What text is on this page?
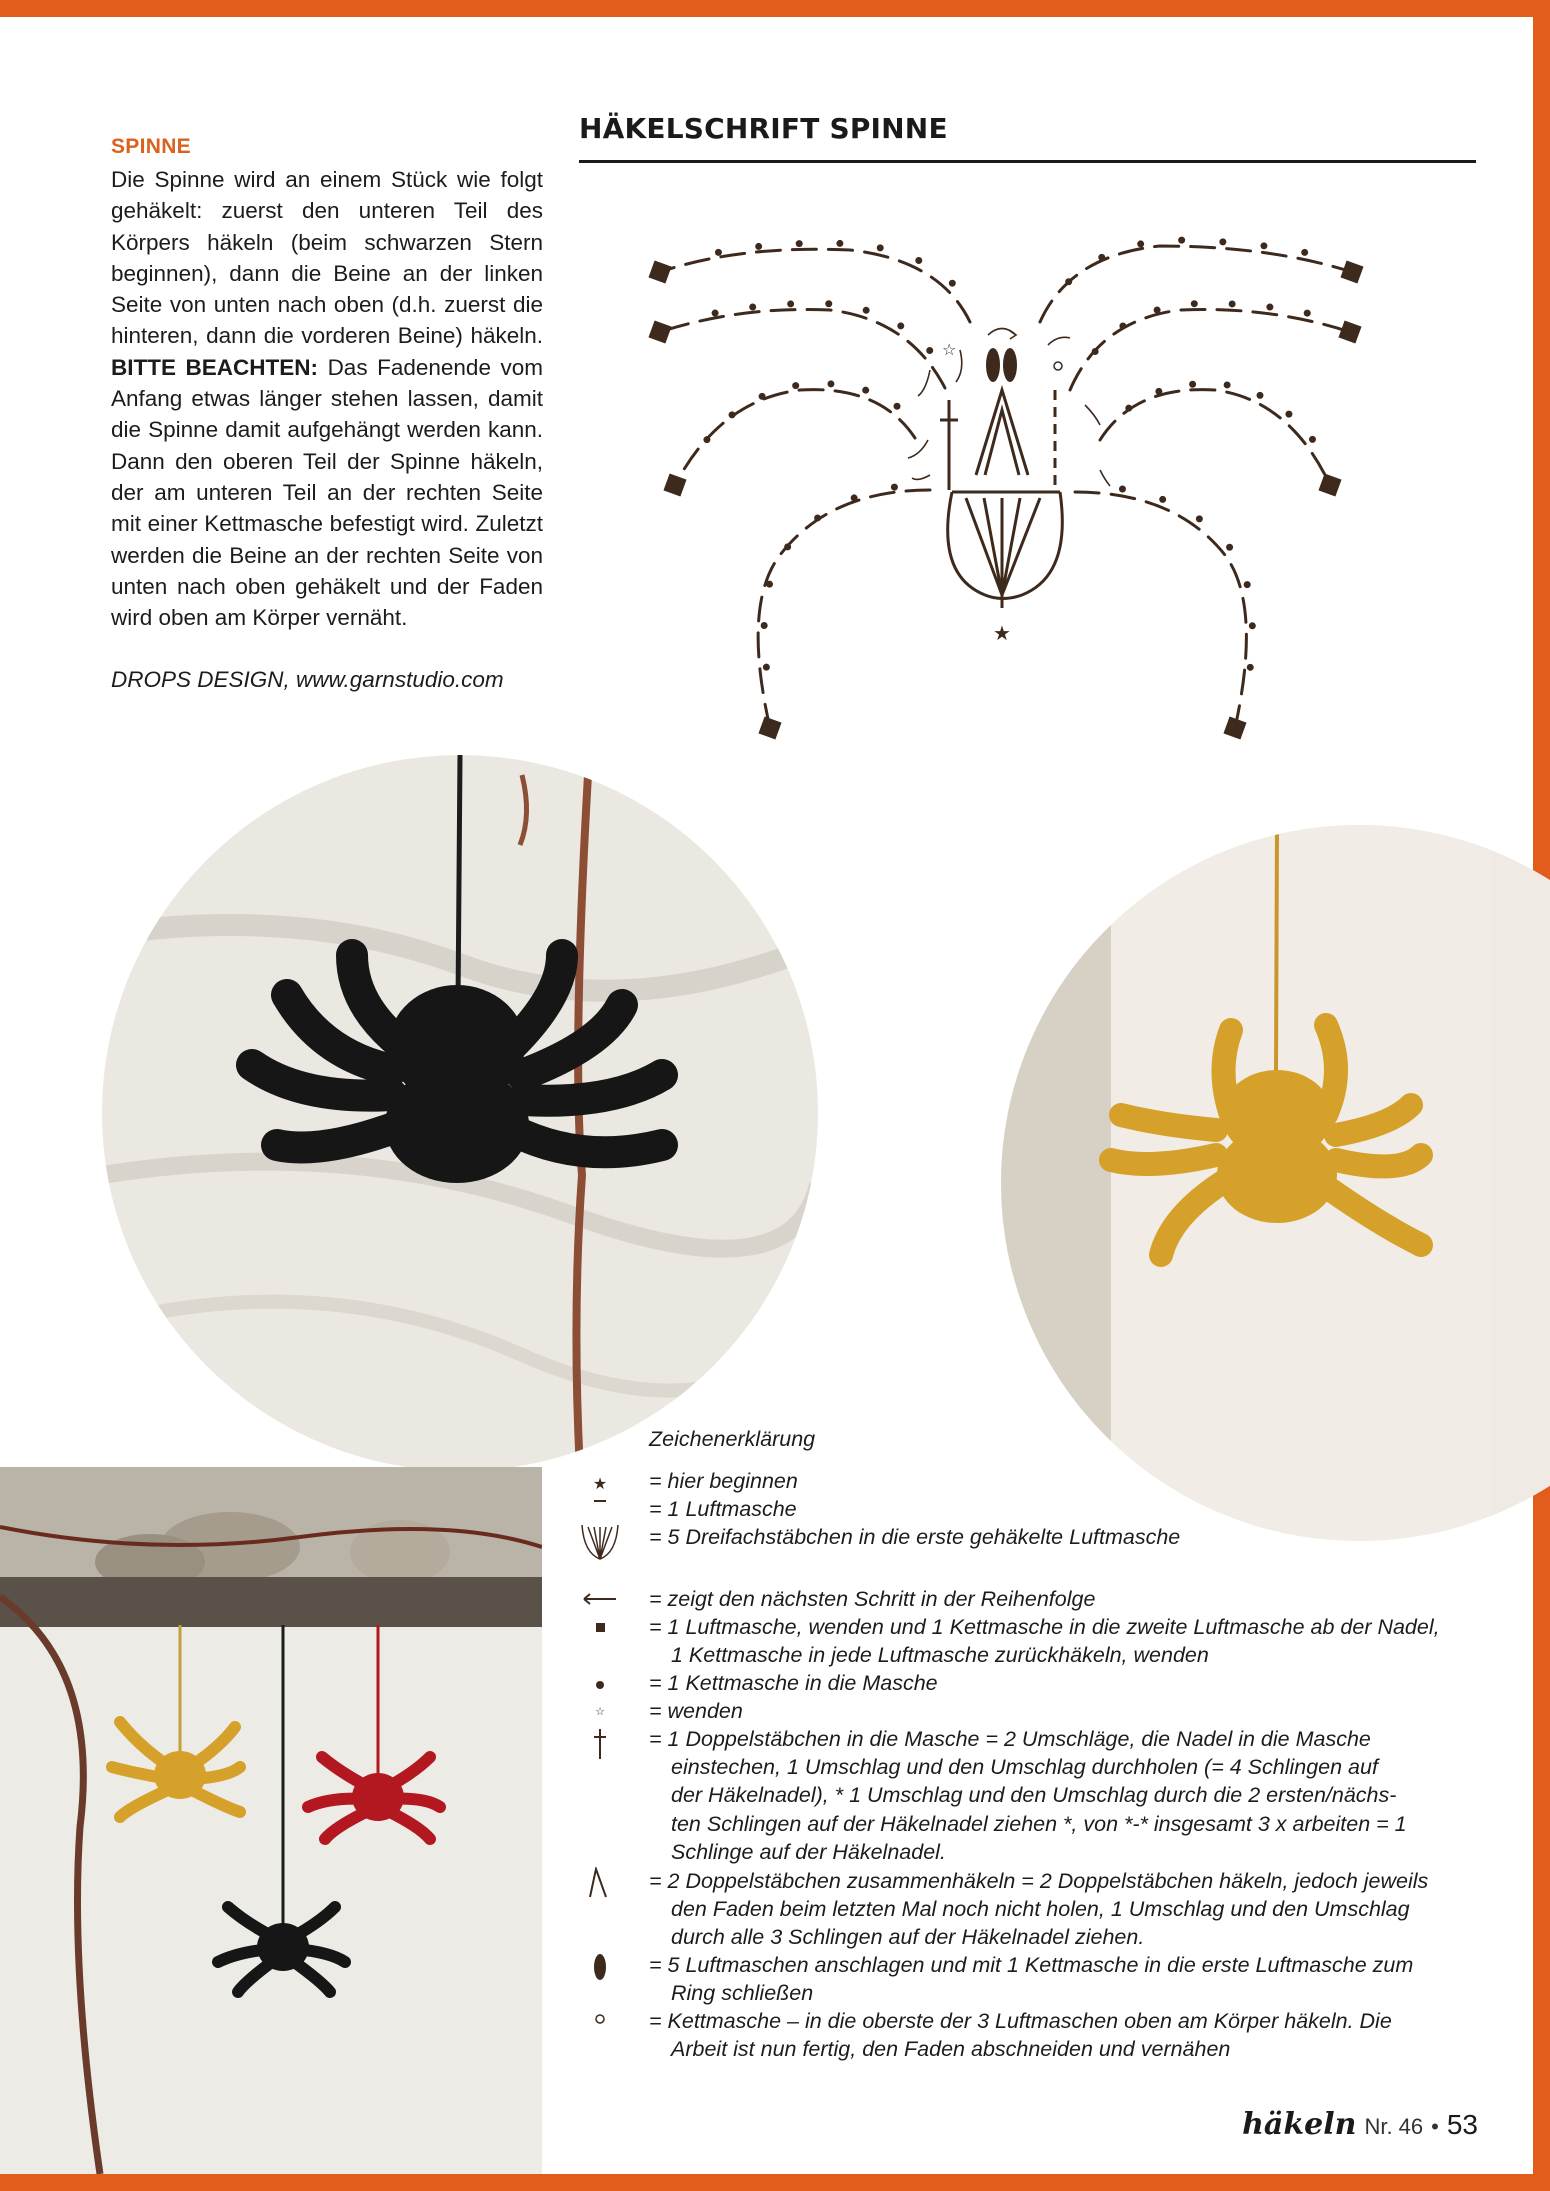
SPINNE

Die Spinne wird an einem Stück wie folgt gehäkelt: zuerst den unteren Teil des Körpers häkeln (beim schwarzen Stern beginnen), dann die Beine an der linken Seite von unten nach oben (d.h. zuerst die hinteren, dann die vorderen Beine) häkeln. BITTE BEACHTEN: Das Fadenende vom Anfang etwas länger stehen lassen, damit die Spinne damit aufgehängt werden kann. Dann den oberen Teil der Spinne häkeln, der am unteren Teil an der rechten Seite mit einer Kettmasche befestigt wird. Zuletzt werden die Beine an der rechten Seite von unten nach oben gehäkelt und der Faden wird oben am Körper vernäht.

DROPS DESIGN, www.garnstudio.com

HÄKELSCHRIFT SPINNE
★
☆
Zeichenerklärung
★ = hier beginnen
= 1 Luftmasche
= 5 Dreifachstäbchen in die erste gehäkelte Luftmasche
= zeigt den nächsten Schritt in der Reihenfolge
= 1 Luftmasche, wenden und 1 Kettmasche in die zweite Luftmasche ab der Nadel,
1 Kettmasche in jede Luftmasche zurückhäkeln, wenden
= 1 Kettmasche in die Masche
☆ = wenden
= 1 Doppelstäbchen in die Masche = 2 Umschläge, die Nadel in die Masche
einstechen, 1 Umschlag und den Umschlag durchholen (= 4 Schlingen auf
der Häkelnadel), * 1 Umschlag und den Umschlag durch die 2 ersten/nächs-
ten Schlingen auf der Häkelnadel ziehen *, von *-* insgesamt 3 x arbeiten = 1
Schlinge auf der Häkelnadel.
= 2 Doppelstäbchen zusammenhäkeln = 2 Doppelstäbchen häkeln, jedoch jeweils
den Faden beim letzten Mal noch nicht holen, 1 Umschlag und den Umschlag
durch alle 3 Schlingen auf der Häkelnadel ziehen.
= 5 Luftmaschen anschlagen und mit 1 Kettmasche in die erste Luftmasche zum
Ring schließen
= Kettmasche – in die oberste der 3 Luftmaschen oben am Körper häkeln. Die
Arbeit ist nun fertig, den Faden abschneiden und vernähen
häkeln Nr. 46 • 53
